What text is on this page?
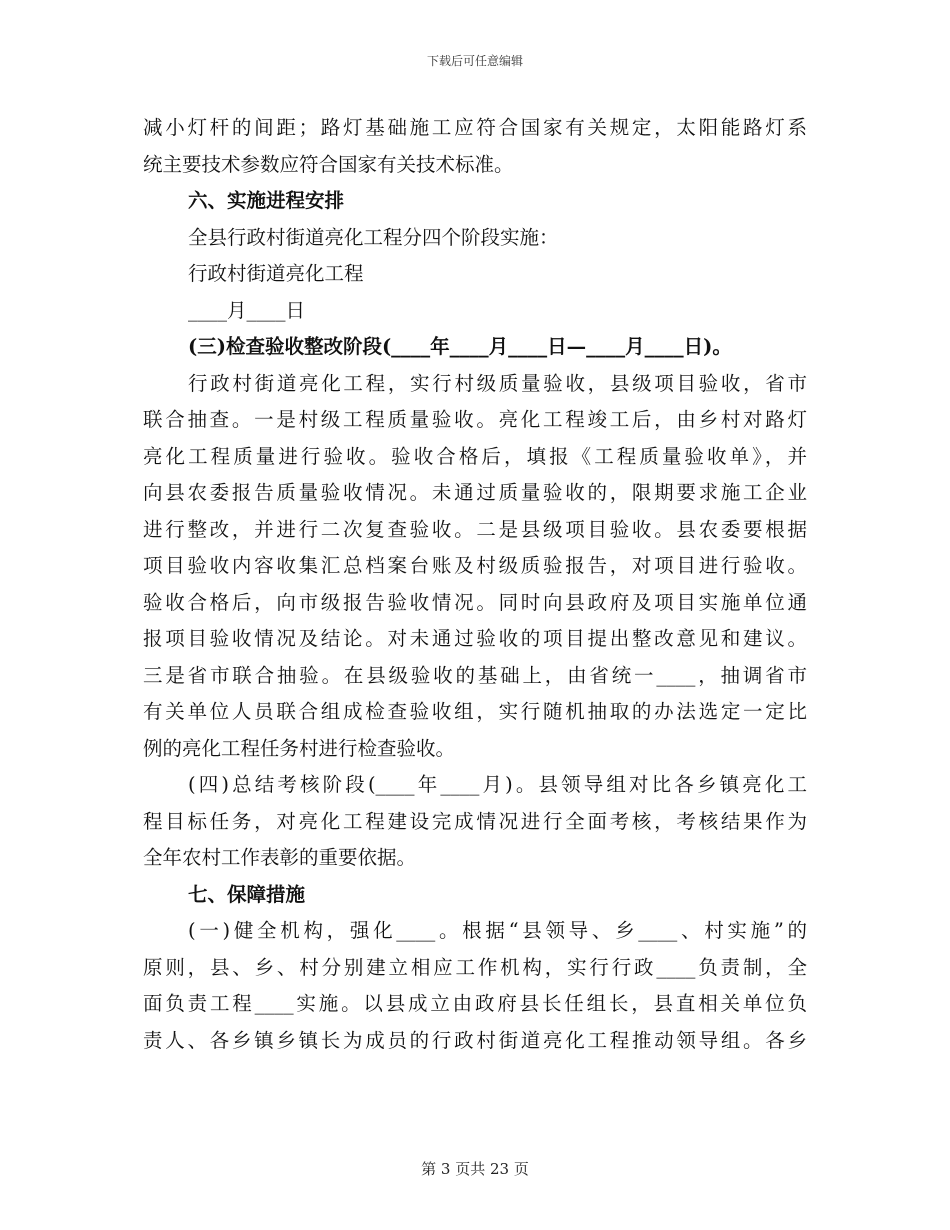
下载后可任意编辑
减小灯杆的间距；路灯基础施工应符合国家有关规定，太阳能路灯系
统主要技术参数应符合国家有关技术标准。
六、实施进程安排
全县行政村街道亮化工程分四个阶段实施：
行政村街道亮化工程
____月____日
(三)检查验收整改阶段(____年____月____日—____月____日)。
行政村街道亮化工程，实行村级质量验收，县级项目验收，省市
联合抽查。一是村级工程质量验收。亮化工程竣工后，由乡村对路灯
亮化工程质量进行验收。验收合格后，填报《工程质量验收单》，并
向县农委报告质量验收情况。未通过质量验收的，限期要求施工企业
进行整改，并进行二次复查验收。二是县级项目验收。县农委要根据
项目验收内容收集汇总档案台账及村级质验报告，对项目进行验收。
验收合格后，向市级报告验收情况。同时向县政府及项目实施单位通
报项目验收情况及结论。对未通过验收的项目提出整改意见和建议。
三是省市联合抽验。在县级验收的基础上，由省统一____，抽调省市
有关单位人员联合组成检查验收组，实行随机抽取的办法选定一定比
例的亮化工程任务村进行检查验收。
(四)总结考核阶段(____年____月)。县领导组对比各乡镇亮化工
程目标任务，对亮化工程建设完成情况进行全面考核，考核结果作为
全年农村工作表彰的重要依据。
七、保障措施
(一)健全机构，强化____。根据“县领导、乡____、村实施”的
原则，县、乡、村分别建立相应工作机构，实行行政____负责制，全
面负责工程____实施。以县成立由政府县长任组长，县直相关单位负
责人、各乡镇乡镇长为成员的行政村街道亮化工程推动领导组。各乡
第 3 页共 23 页
